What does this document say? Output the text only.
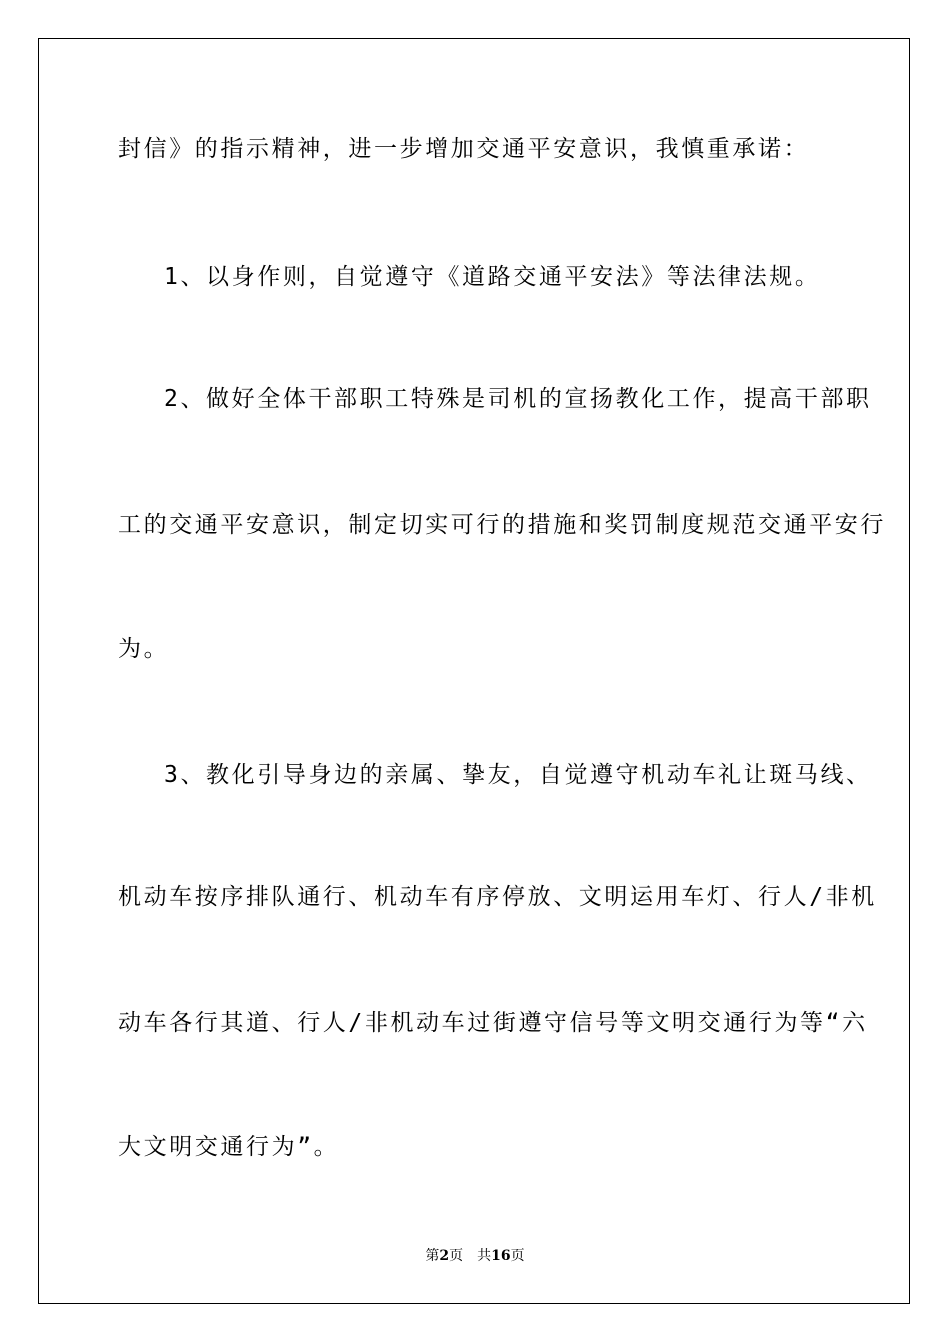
封信》的指示精神，进一步增加交通平安意识，我慎重承诺：
1、以身作则，自觉遵守《道路交通平安法》等法律法规。
2、做好全体干部职工特殊是司机的宣扬教化工作，提高干部职
工的交通平安意识，制定切实可行的措施和奖罚制度规范交通平安行
为。
3、教化引导身边的亲属、挚友，自觉遵守机动车礼让斑马线、
机动车按序排队通行、机动车有序停放、文明运用车灯、行人/非机
动车各行其道、行人/非机动车过街遵守信号等文明交通行为等“六
大文明交通行为”。
第2页 共16页
